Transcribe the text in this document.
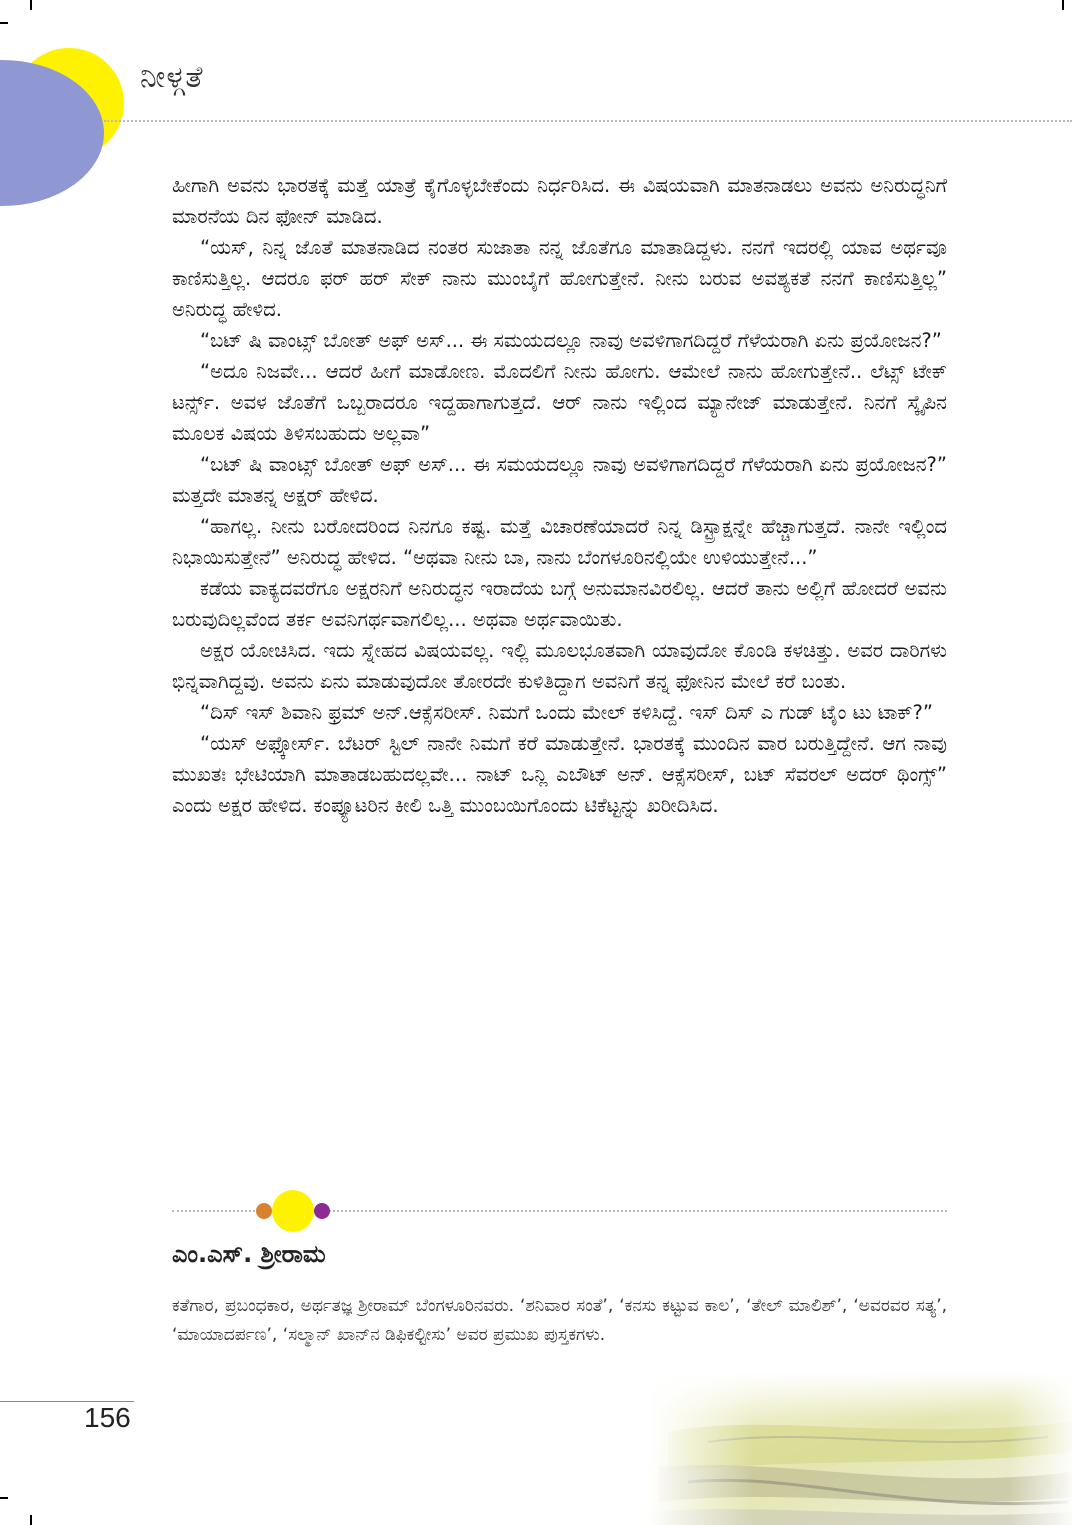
ನೀಳ್ಗತೆ

ಹೀಗಾಗಿ ಅವನು ಭಾರತಕ್ಕೆ ಮತ್ತೆ ಯಾತ್ರೆ ಕೈಗೊಳ್ಳಬೇಕೆಂದು ನಿರ್ಧರಿಸಿದ. ಈ ವಿಷಯವಾಗಿ ಮಾತನಾಡಲು ಅವನು ಅನಿರುದ್ಧನಿಗೆ ಮಾರನೆಯ ದಿನ ಫೋನ್ ಮಾಡಿದ.

“ಯಸ್, ನಿನ್ನ ಜೊತೆ ಮಾತನಾಡಿದ ನಂತರ ಸುಜಾತಾ ನನ್ನ ಜೊತೆಗೂ ಮಾತಾಡಿದ್ದಳು. ನನಗೆ ಇದರಲ್ಲಿ ಯಾವ ಅರ್ಥವೂ ಕಾಣಿಸುತ್ತಿಲ್ಲ. ಆದರೂ ಫರ್ ಹರ್ ಸೇಕ್ ನಾನು ಮುಂಬೈಗೆ ಹೋಗುತ್ತೇನೆ. ನೀನು ಬರುವ ಅವಶ್ಯಕತೆ ನನಗೆ ಕಾಣಿಸುತ್ತಿಲ್ಲ” ಅನಿರುದ್ಧ ಹೇಳಿದ.

“ಬಟ್ ಷಿ ವಾಂಟ್ಸ್ ಬೋತ್ ಅಫ್ ಅಸ್... ಈ ಸಮಯದಲ್ಲೂ ನಾವು ಅವಳಿಗಾಗದಿದ್ದರೆ ಗೆಳೆಯರಾಗಿ ಏನು ಪ್ರಯೋಜನ?”

“ಅದೂ ನಿಜವೇ... ಆದರೆ ಹೀಗೆ ಮಾಡೋಣ. ಮೊದಲಿಗೆ ನೀನು ಹೋಗು. ಆಮೇಲೆ ನಾನು ಹೋಗುತ್ತೇನೆ.. ಲೆಟ್ಸ್ ಟೇಕ್ ಟರ್ನ್ಸ್. ಅವಳ ಜೊತೆಗೆ ಒಬ್ಬರಾದರೂ ಇದ್ದಹಾಗಾಗುತ್ತದೆ. ಆರ್ ನಾನು ಇಲ್ಲಿಂದ ಮ್ಯಾನೇಜ್ ಮಾಡುತ್ತೇನೆ. ನಿನಗೆ ಸ್ಕೈಪಿನ ಮೂಲಕ ವಿಷಯ ತಿಳಿಸಬಹುದು ಅಲ್ಲವಾ”

“ಬಟ್ ಷಿ ವಾಂಟ್ಸ್ ಬೋತ್ ಅಫ್ ಅಸ್... ಈ ಸಮಯದಲ್ಲೂ ನಾವು ಅವಳಿಗಾಗದಿದ್ದರೆ ಗೆಳೆಯರಾಗಿ ಏನು ಪ್ರಯೋಜನ?” ಮತ್ತದೇ ಮಾತನ್ನ ಅಕ್ಷರ್ ಹೇಳಿದ.

“ಹಾಗಲ್ಲ. ನೀನು ಬರೋದರಿಂದ ನಿನಗೂ ಕಷ್ಟ. ಮತ್ತೆ ವಿಚಾರಣೆಯಾದರೆ ನಿನ್ನ ಡಿಸ್ಟ್ರಾಕ್ಷನ್ನೇ ಹೆಚ್ಚಾಗುತ್ತದೆ. ನಾನೇ ಇಲ್ಲಿಂದ ನಿಭಾಯಿಸುತ್ತೇನೆ” ಅನಿರುದ್ಧ ಹೇಳಿದ. “ಅಥವಾ ನೀನು ಬಾ, ನಾನು ಬೆಂಗಳೂರಿನಲ್ಲಿಯೇ ಉಳಿಯುತ್ತೇನೆ...”

ಕಡೆಯ ವಾಕ್ಯದವರೆಗೂ ಅಕ್ಷರನಿಗೆ ಅನಿರುದ್ಧನ ಇರಾದೆಯ ಬಗ್ಗೆ ಅನುಮಾನವಿರಲಿಲ್ಲ. ಆದರೆ ತಾನು ಅಲ್ಲಿಗೆ ಹೋದರೆ ಅವನು ಬರುವುದಿಲ್ಲವೆಂದ ತರ್ಕ ಅವನಿಗರ್ಥವಾಗಲಿಲ್ಲ... ಅಥವಾ ಅರ್ಥವಾಯಿತು.

ಅಕ್ಷರ ಯೋಚಿಸಿದ. ಇದು ಸ್ನೇಹದ ವಿಷಯವಲ್ಲ. ಇಲ್ಲಿ ಮೂಲಭೂತವಾಗಿ ಯಾವುದೋ ಕೊಂಡಿ ಕಳಚಿತ್ತು. ಅವರ ದಾರಿಗಳು ಭಿನ್ನವಾಗಿದ್ದವು. ಅವನು ಏನು ಮಾಡುವುದೋ ತೋರದೇ ಕುಳಿತಿದ್ದಾಗ ಅವನಿಗೆ ತನ್ನ ಫೋನಿನ ಮೇಲೆ ಕರೆ ಬಂತು.

“ದಿಸ್ ಇಸ್ ಶಿವಾನಿ ಫ್ರಮ್ ಅನ್.ಆಕ್ಸೆಸರೀಸ್. ನಿಮಗೆ ಒಂದು ಮೇಲ್ ಕಳಿಸಿದ್ದೆ. ಇಸ್ ದಿಸ್ ಎ ಗುಡ್ ಟೈಂ ಟು ಟಾಕ್?”

“ಯಸ್ ಅಫ್ಕೋರ್ಸ್. ಬೆಟರ್ ಸ್ಟಿಲ್ ನಾನೇ ನಿಮಗೆ ಕರೆ ಮಾಡುತ್ತೇನೆ. ಭಾರತಕ್ಕೆ ಮುಂದಿನ ವಾರ ಬರುತ್ತಿದ್ದೇನೆ. ಆಗ ನಾವು ಮುಖತಃ ಭೇಟಿಯಾಗಿ ಮಾತಾಡಬಹುದಲ್ಲವೇ... ನಾಟ್ ಒನ್ಲಿ ಎಬೌಟ್ ಅನ್. ಆಕ್ಸೆಸರೀಸ್, ಬಟ್ ಸೆವರಲ್ ಅದರ್ ಥಿಂಗ್ಸ್” ಎಂದು ಅಕ್ಷರ ಹೇಳಿದ. ಕಂಪ್ಯೂಟರಿನ ಕೀಲಿ ಒತ್ತಿ ಮುಂಬಯಿಗೊಂದು ಟಿಕೆಟ್ಟನ್ನು ಖರೀದಿಸಿದ.

ಎಂ.ಎಸ್. ಶ್ರೀರಾಮ
ಕತೆಗಾರ, ಪ್ರಬಂಧಕಾರ, ಅರ್ಥತಜ್ಞ ಶ್ರೀರಾಮ್ ಬೆಂಗಳೂರಿನವರು. ‘ಶನಿವಾರ ಸಂತೆ’, ‘ಕನಸು ಕಟ್ಟುವ ಕಾಲ’, ‘ತೇಲ್ ಮಾಲಿಶ್’, ‘ಅವರವರ ಸತ್ಯ’, ‘ಮಾಯಾದರ್ಪಣ’, ‘ಸಲ್ಮಾನ್ ಖಾನ್‌ನ ಡಿಫಿಕಲ್ಟೀಸು’ ಅವರ ಪ್ರಮುಖ ಪುಸ್ತಕಗಳು.
156
